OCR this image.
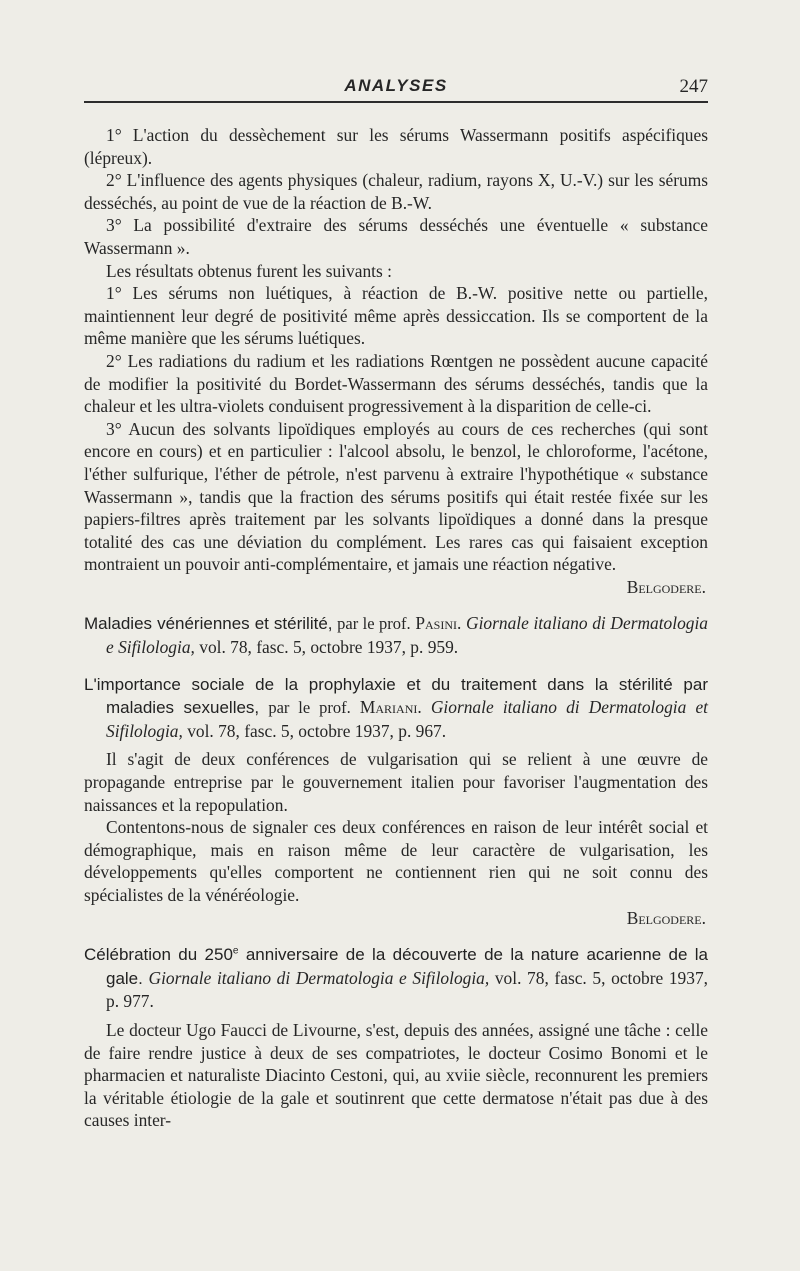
ANALYSES	247

1° L'action du dessèchement sur les sérums Wassermann positifs aspécifiques (lépreux).

2° L'influence des agents physiques (chaleur, radium, rayons X, U.-V.) sur les sérums desséchés, au point de vue de la réaction de B.-W.

3° La possibilité d'extraire des sérums desséchés une éventuelle « substance Wassermann ».

Les résultats obtenus furent les suivants :

1° Les sérums non luétiques, à réaction de B.-W. positive nette ou partielle, maintiennent leur degré de positivité même après dessiccation. Ils se comportent de la même manière que les sérums luétiques.

2° Les radiations du radium et les radiations Rœntgen ne possèdent aucune capacité de modifier la positivité du Bordet-Wassermann des sérums desséchés, tandis que la chaleur et les ultra-violets conduisent progressivement à la disparition de celle-ci.

3° Aucun des solvants lipoïdiques employés au cours de ces recherches (qui sont encore en cours) et en particulier : l'alcool absolu, le benzol, le chloroforme, l'acétone, l'éther sulfurique, l'éther de pétrole, n'est parvenu à extraire l'hypothétique « substance Wassermann », tandis que la fraction des sérums positifs qui était restée fixée sur les papiers-filtres après traitement par les solvants lipoïdiques a donné dans la presque totalité des cas une déviation du complément. Les rares cas qui faisaient exception montraient un pouvoir anti-complémentaire, et jamais une réaction négative.

Belgodere.

Maladies vénériennes et stérilité, par le prof. Pasini. Giornale italiano di Dermatologia e Sifilologia, vol. 78, fasc. 5, octobre 1937, p. 959.

L'importance sociale de la prophylaxie et du traitement dans la stérilité par maladies sexuelles, par le prof. Mariani. Giornale italiano di Dermatologia et Sifilologia, vol. 78, fasc. 5, octobre 1937, p. 967.

Il s'agit de deux conférences de vulgarisation qui se relient à une œuvre de propagande entreprise par le gouvernement italien pour favoriser l'augmentation des naissances et la repopulation.

Contentons-nous de signaler ces deux conférences en raison de leur intérêt social et démographique, mais en raison même de leur caractère de vulgarisation, les développements qu'elles comportent ne contiennent rien qui ne soit connu des spécialistes de la vénéréologie.

Belgodere.

Célébration du 250e anniversaire de la découverte de la nature acarienne de la gale. Giornale italiano di Dermatologia e Sifilologia, vol. 78, fasc. 5, octobre 1937, p. 977.

Le docteur Ugo Faucci de Livourne, s'est, depuis des années, assigné une tâche : celle de faire rendre justice à deux de ses compatriotes, le docteur Cosimo Bonomi et le pharmacien et naturaliste Diacinto Cestoni, qui, au xviie siècle, reconnurent les premiers la véritable étiologie de la gale et soutinrent que cette dermatose n'était pas due à des causes inter-
